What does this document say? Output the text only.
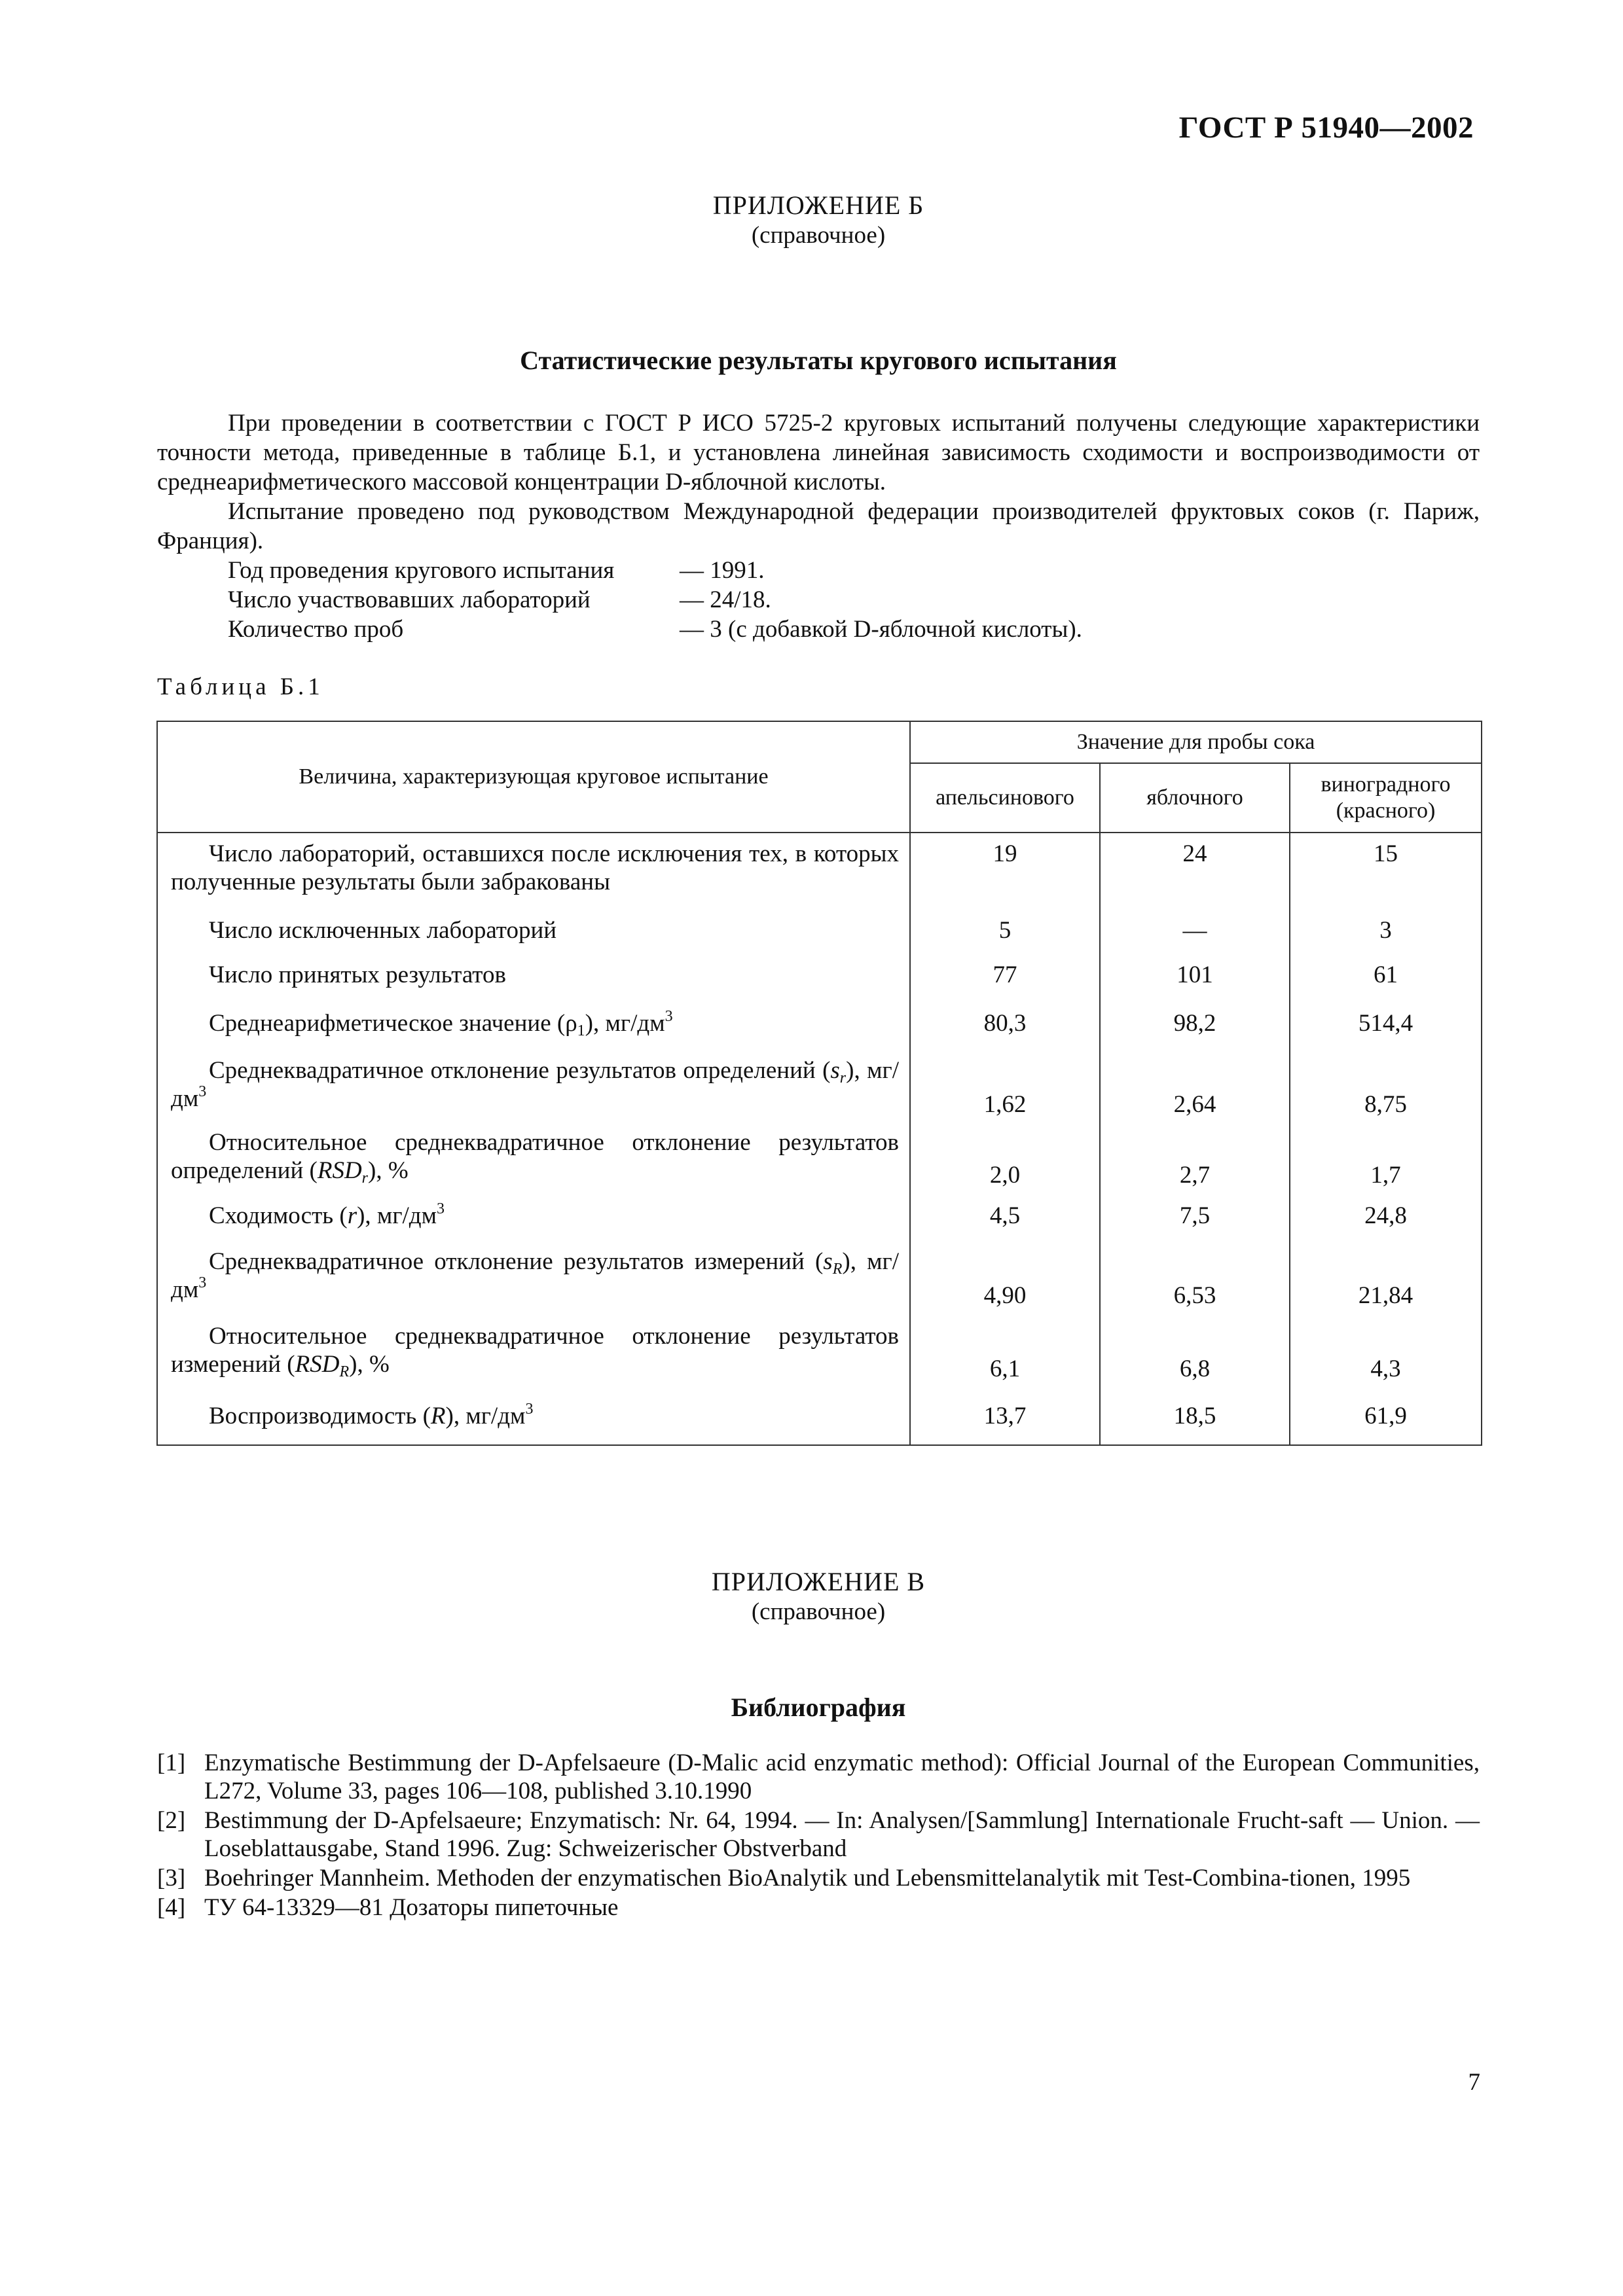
ГОСТ Р 51940—2002
ПРИЛОЖЕНИЕ Б
(справочное)
Статистические результаты кругового испытания
При проведении в соответствии с ГОСТ Р ИСО 5725-2 круговых испытаний получены следующие характеристики точности метода, приведенные в таблице Б.1, и установлена линейная зависимость сходимости и воспроизводимости от среднеарифметического массовой концентрации D-яблочной кислоты.
Испытание проведено под руководством Международной федерации производителей фруктовых соков (г. Париж, Франция).
Год проведения кругового испытания	— 1991.
Число участвовавших лабораторий	— 24/18.
Количество проб	— 3 (с добавкой D-яблочной кислоты).
Таблица Б.1
Величина, характеризующая круговое испытание	Значение для пробы сока		
	апельсинового	яблочного	виноградного (красного)
Число лабораторий, оставшихся после исключения тех, в которых полученные результаты были забракованы	19	24	15
Число исключенных лабораторий	5	—	3
Число принятых результатов	77	101	61
Среднеарифметическое значение $(\rho_1)$, $мг/дм^3$	80,3	98,2	514,4
Среднеквадратичное отклонение результатов определений $(s_r)$, $мг/дм^3$	1,62	2,64	8,75
Относительное среднеквадратичное отклонение результатов определений $(RSD_r)$, %	2,0	2,7	1,7
Сходимость (r), $мг/дм^3$	4,5	7,5	24,8
Среднеквадратичное отклонение результатов измерений $(s_R)$, $мг/дм^3$	4,90	6,53	21,84
Относительное среднеквадратичное отклонение результатов измерений $(RSD_R)$, %	6,1	6,8	4,3
Воспроизводимость (R), $мг/дм^3$	13,7	18,5	61,9
ПРИЛОЖЕНИЕ В
(справочное)
Библиография
[1] Enzymatische Bestimmung der D-Apfelsaeure (D-Malic acid enzymatic method): Official Journal of the European Communities, L272, Volume 33, pages 106—108, published 3.10.1990
[2] Bestimmung der D-Apfelsaeure; Enzymatisch: Nr. 64, 1994. — In: Analysen/[Sammlung] Internationale Frucht-saft — Union. — Loseblattausgabe, Stand 1996. Zug: Schweizerischer Obstverband
[3] Boehringer Mannheim. Methoden der enzymatischen BioAnalytik und Lebensmittelanalytik mit Test-Combina-tionen, 1995
[4] ТУ 64-13329—81 Дозаторы пипеточные
7
